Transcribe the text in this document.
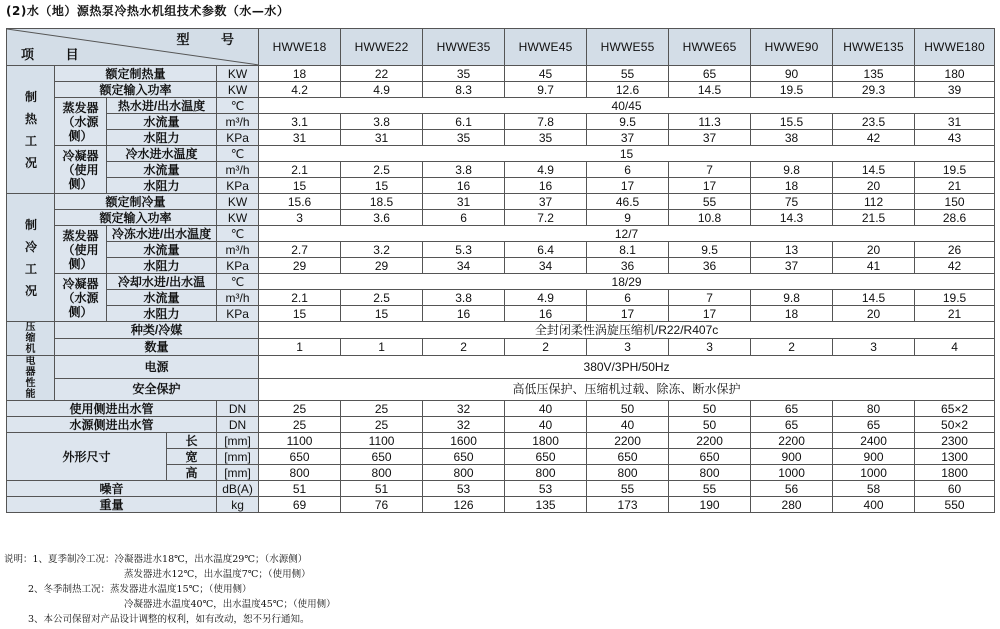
(2)水（地）源热泵冷热水机组技术参数（水—水）
型 号
项 目					HWWE18	HWWE22	HWWE35	HWWE45	HWWE55	HWWE65	HWWE90	HWWE135	HWWE180
制热工况	额定制热量			KW	18	22	35	45	55	65	90	135	180
	额定输入功率			KW	4.2	4.9	8.3	9.7	12.6	14.5	19.5	29.3	39
	蒸发器（水源侧）	热水进/出水温度		℃	40/45								
		水流量		m³/h	3.1	3.8	6.1	7.8	9.5	11.3	15.5	23.5	31
		水阻力		KPa	31	31	35	35	37	37	38	42	43
	冷凝器（使用侧）	冷水进水温度		℃	15								
		水流量		m³/h	2.1	2.5	3.8	4.9	6	7	9.8	14.5	19.5
		水阻力		KPa	15	15	16	16	17	17	18	20	21
制冷工况	额定制冷量			KW	15.6	18.5	31	37	46.5	55	75	112	150
	额定输入功率			KW	3	3.6	6	7.2	9	10.8	14.3	21.5	28.6
	蒸发器（使用侧）	冷冻水进/出水温度		℃	12/7								
		水流量		m³/h	2.7	3.2	5.3	6.4	8.1	9.5	13	20	26
		水阻力		KPa	29	29	34	34	36	36	37	41	42
	冷凝器（水源侧）	冷却水进/出水温		℃	18/29								
		水流量		m³/h	2.1	2.5	3.8	4.9	6	7	9.8	14.5	19.5
		水阻力		KPa	15	15	16	16	17	17	18	20	21
压缩机	种类/冷媒				全封闭柔性涡旋压缩机/R22/R407c								
	数量				1	1	2	2	3	3	2	3	4
电器性能	电源				380V/3PH/50Hz								
	安全保护				高低压保护、压缩机过载、除冻、断水保护								
使用侧进出水管				DN	25	25	32	40	50	50	65	80	65×2
水源侧进出水管				DN	25	25	32	40	40	50	65	65	50×2
外形尺寸			长	[mm]	1100	1100	1600	1800	2200	2200	2200	2400	2300
			宽	[mm]	650	650	650	650	650	650	900	900	1300
			高	[mm]	800	800	800	800	800	800	1000	1000	1800
噪音				dB(A)	51	51	53	53	55	55	56	58	60
重量				kg	69	76	126	135	173	190	280	400	550
说明：1、夏季制冷工况：冷凝器进水18℃，出水温度29℃；（水源侧）
蒸发器进水12℃，出水温度7℃；（使用侧）
2、冬季制热工况：蒸发器进水温度15℃；（使用侧）
冷凝器进水温度40℃，出水温度45℃；（使用侧）
3、本公司保留对产品设计调整的权利，如有改动，恕不另行通知。
